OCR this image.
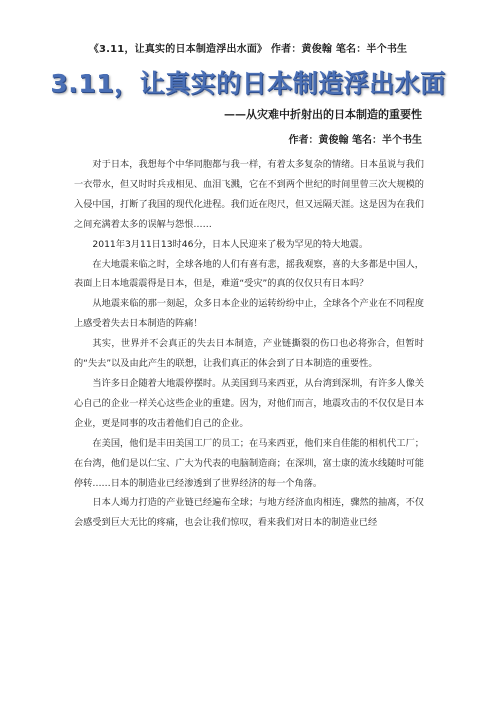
《3.11，让真实的日本制造浮出水面》 作者：黄俊翰 笔名：半个书生
3.11，让真实的日本制造浮出水面
——从灾难中折射出的日本制造的重要性
作者：黄俊翰 笔名：半个书生

对于日本，我想每个中华同胞都与我一样，有着太多复杂的情绪。日本虽说与我们一衣带水，但又时时兵戎相见、血泪飞溅，它在不到两个世纪的时间里曾三次大规模的入侵中国，打断了我国的现代化进程。我们近在咫尺，但又远隔天涯。这是因为在我们之间充满着太多的误解与怨恨……

2011年3月11日13时46分，日本人民迎来了极为罕见的特大地震。

在大地震来临之时，全球各地的人们有喜有悲，摇我观察，喜的大多都是中国人，表面上日本地震震得是日本，但是，难道“受灾”的真的仅仅只有日本吗？

从地震来临的那一刻起，众多日本企业的运转纷纷中止，全球各个产业在不同程度上感受着失去日本制造的阵痛！

其实，世界并不会真正的失去日本制造，产业链撕裂的伤口也必将弥合，但暂时的“失去”以及由此产生的联想，让我们真正的体会到了日本制造的重要性。

当许多日企随着大地震停摆时。从美国到马来西亚，从台湾到深圳，有许多人像关心自己的企业一样关心这些企业的重建。因为，对他们而言，地震攻击的不仅仅是日本企业，更是同事的攻击着他们自己的企业。

在美国，他们是丰田美国工厂的员工；在马来西亚，他们来自佳能的相机代工厂；在台湾，他们是以仁宝、广大为代表的电脑制造商；在深圳，富士康的流水线随时可能停转……日本的制造业已经渗透到了世界经济的每一个角落。

日本人竭力打造的产业链已经遍布全球；与地方经济血肉相连，骤然的抽离，不仅会感受到巨大无比的疼痛，也会让我们惊叹，看来我们对日本的制造业已经
